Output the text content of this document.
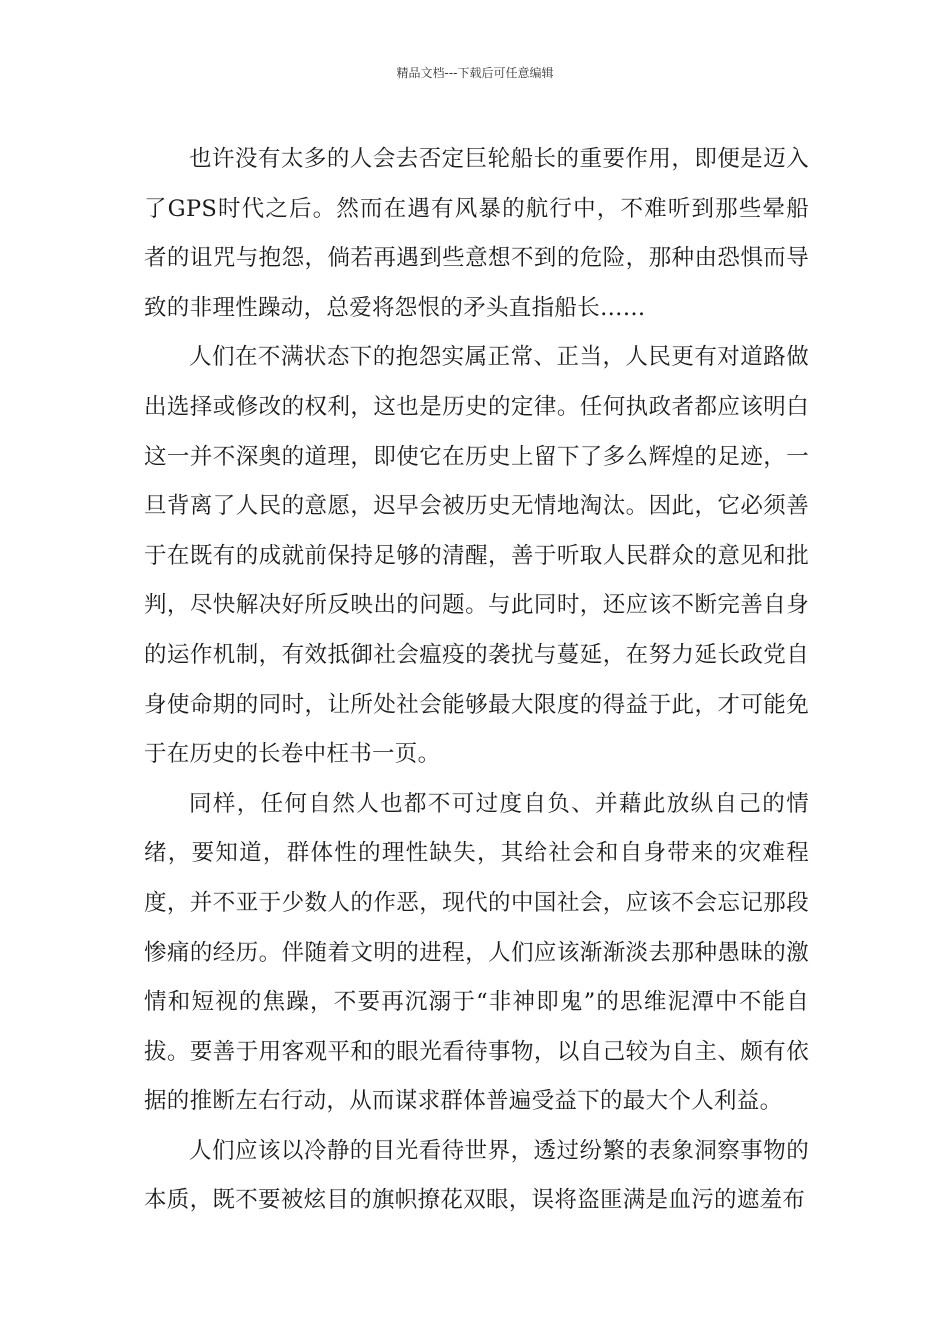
精品文档---下载后可任意编辑

也许没有太多的人会去否定巨轮船长的重要作用，即便是迈入了GPS时代之后。然而在遇有风暴的航行中，不难听到那些晕船者的诅咒与抱怨，倘若再遇到些意想不到的危险，那种由恐惧而导致的非理性躁动，总爱将怨恨的矛头直指船长……

人们在不满状态下的抱怨实属正常、正当，人民更有对道路做出选择或修改的权利，这也是历史的定律。任何执政者都应该明白这一并不深奥的道理，即使它在历史上留下了多么辉煌的足迹，一旦背离了人民的意愿，迟早会被历史无情地淘汰。因此，它必须善于在既有的成就前保持足够的清醒，善于听取人民群众的意见和批判，尽快解决好所反映出的问题。与此同时，还应该不断完善自身的运作机制，有效抵御社会瘟疫的袭扰与蔓延，在努力延长政党自身使命期的同时，让所处社会能够最大限度的得益于此，才可能免于在历史的长卷中枉书一页。

同样，任何自然人也都不可过度自负、并藉此放纵自己的情绪，要知道，群体性的理性缺失，其给社会和自身带来的灾难程度，并不亚于少数人的作恶，现代的中国社会，应该不会忘记那段惨痛的经历。伴随着文明的进程，人们应该渐渐淡去那种愚昧的激情和短视的焦躁，不要再沉溺于“非神即鬼”的思维泥潭中不能自拔。要善于用客观平和的眼光看待事物，以自己较为自主、颇有依据的推断左右行动，从而谋求群体普遍受益下的最大个人利益。

人们应该以冷静的目光看待世界，透过纷繁的表象洞察事物的本质，既不要被炫目的旗帜撩花双眼，误将盗匪满是血污的遮羞布
